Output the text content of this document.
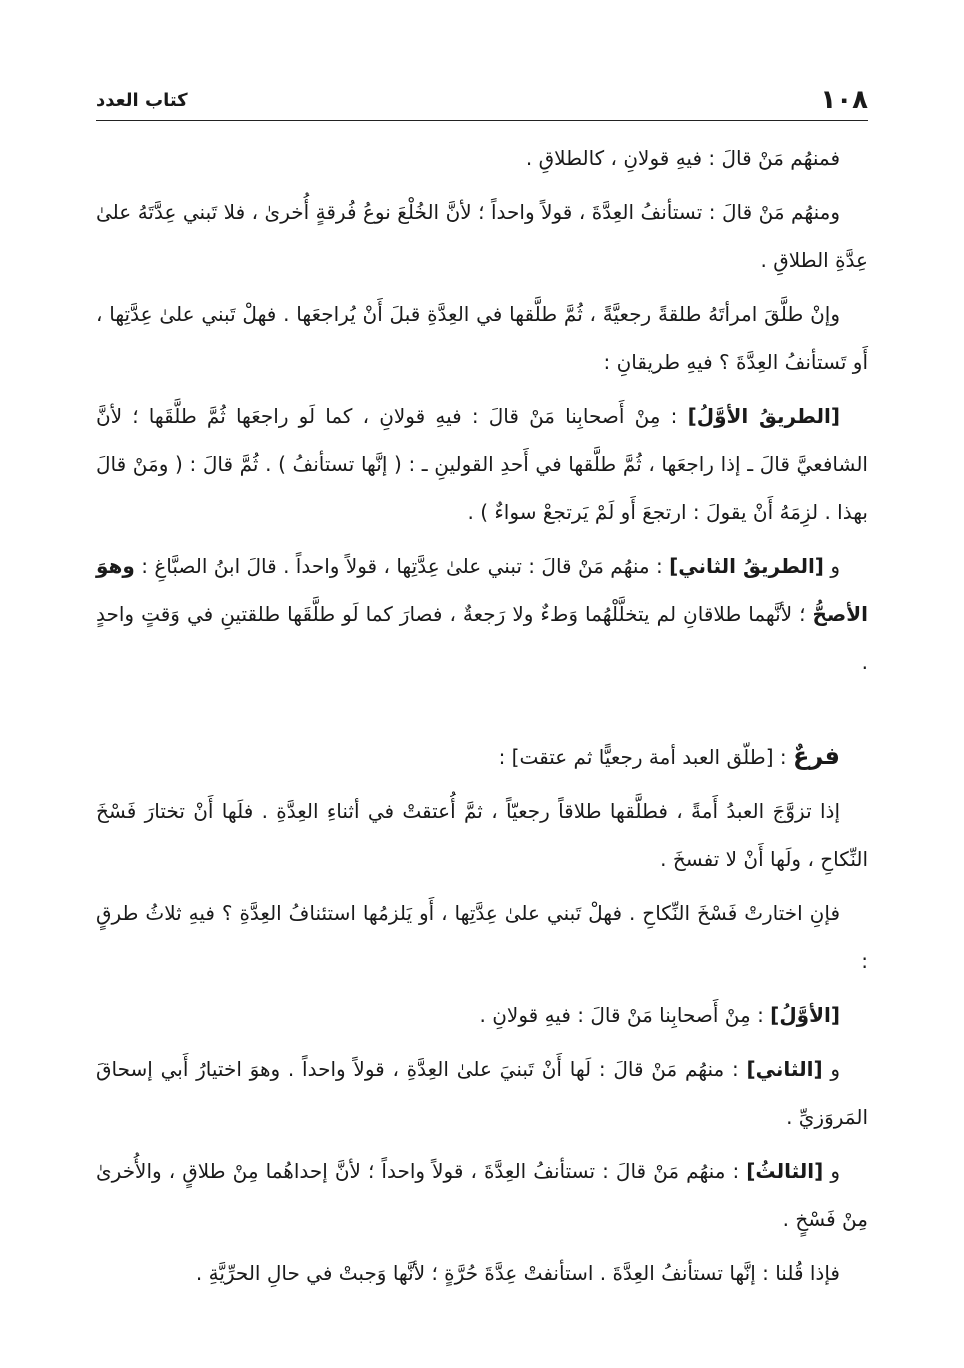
١٠٨
كتاب العدد

فمنهُم مَنْ قالَ : فيهِ قولانِ ، كالطلاقِ .

ومنهُم مَنْ قالَ : تستأنفُ العِدَّةَ ، قولاً واحداً ؛ لأنَّ الخُلْعَ نوعُ فُرقةٍ أُخرىٰ ، فلا تَبني عِدَّتَهُ علىٰ عِدَّةِ الطلاقِ .

وإنْ طلَّقَ امرأتَهُ طلقةً رجعيَّةً ، ثُمَّ طلَّقها في العِدَّةِ قبلَ أَنْ يُراجعَها . فهلْ تَبني علىٰ عِدَّتِها ، أَو تَستأنفُ العِدَّةَ ؟ فيهِ طريقانِ :

[الطريقُ الأوَّلُ] : مِنْ أَصحابِنا مَنْ قالَ : فيهِ قولانِ ، كما لَو راجعَها ثُمَّ طلَّقَها ؛ لأنَّ الشافعيَّ قالَ ـ إذا راجعَها ، ثُمَّ طلَّقها في أَحدِ القولينِ ـ : ( إنَّها تستأنفُ ) . ثُمَّ قالَ : ( ومَنْ قالَ بهذا . لزِمَهُ أَنْ يقولَ : ارتجعَ أَو لَمْ يَرتجعْ سواءٌ ) .

و [الطريقُ الثاني] : منهُم مَنْ قالَ : تبني علىٰ عِدَّتِها ، قولاً واحداً . قالَ ابنُ الصبَّاغِ : وهوَ الأصحُّ ؛ لأنَّهما طلاقانِ لم يتخلَّلْهُما وَطءٌ ولا رَجعةٌ ، فصارَ كما لَو طلَّقَها طلقتينِ في وَقتٍ واحدٍ .

فرعٌ : [طلّق العبد أمة رجعيًّا ثم عتقت] :

إذا تزوَّجَ العبدُ أَمةً ، فطلَّقها طلاقاً رجعيّاً ، ثمَّ أُعتقتْ في أثناءِ العِدَّةِ . فلَها أَنْ تختارَ فَسْخَ النِّكاحِ ، ولَها أَنْ لا تفسخَ .

فإنِ اختارتْ فَسْخَ النِّكاحِ . فهلْ تَبني علىٰ عِدَّتِها ، أَو يَلزمُها استئنافُ العِدَّةِ ؟ فيهِ ثلاثُ طرقٍ :

[الأوَّلُ] : مِنْ أَصحابِنا مَنْ قالَ : فيهِ قولانِ .

و [الثاني] : منهُم مَنْ قالَ : لَها أَنْ تَبنيَ علىٰ العِدَّةِ ، قولاً واحداً . وهوَ اختيارُ أَبي إسحاقَ المَروَزيِّ .

و [الثالثُ] : منهُم مَنْ قالَ : تستأنفُ العِدَّةَ ، قولاً واحداً ؛ لأنَّ إحداهُما مِنْ طلاقٍ ، والأُخرىٰ مِنْ فَسْخٍ .

فإذا قُلنا : إنَّها تستأنفُ العِدَّةَ . استأنفتْ عِدَّةَ حُرَّةٍ ؛ لأنَّها وَجبتْ في حالِ الحرِّيَّةِ .
